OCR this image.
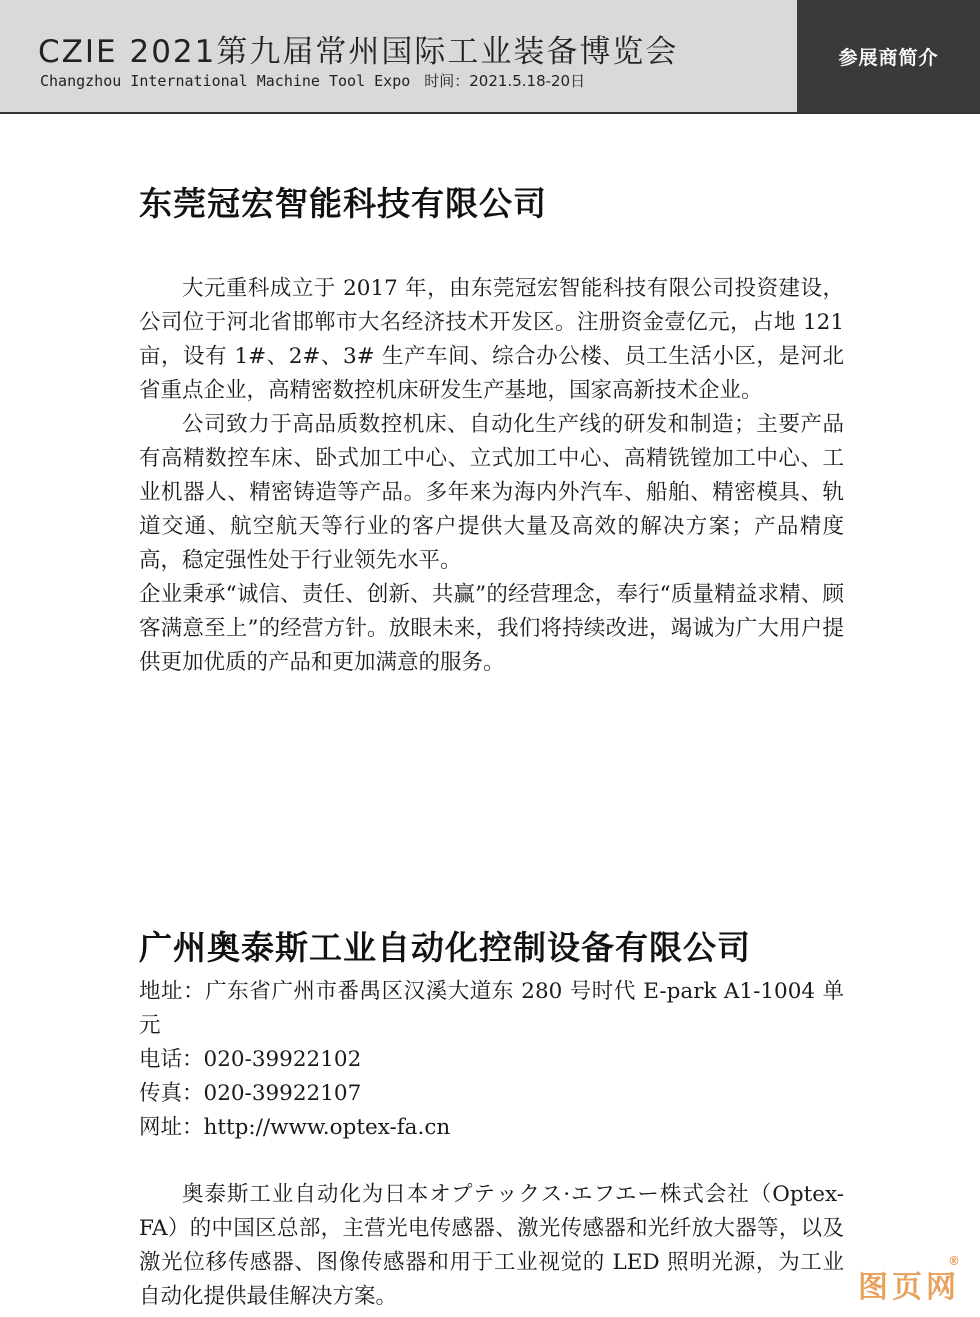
CZIE 2021第九届常州国际工业装备博览会
Changzhou International Machine Tool Expo 时间：2021.5.18-20日
参展商简介
东莞冠宏智能科技有限公司

大元重科成立于 2017 年，由东莞冠宏智能科技有限公司投资建设，公司位于河北省邯郸市大名经济技术开发区。注册资金壹亿元，占地 121 亩，设有 1#、2#、3# 生产车间、综合办公楼、员工生活小区，是河北省重点企业，高精密数控机床研发生产基地，国家高新技术企业。

公司致力于高品质数控机床、自动化生产线的研发和制造；主要产品有高精数控车床、卧式加工中心、立式加工中心、高精铣镗加工中心、工业机器人、精密铸造等产品。多年来为海内外汽车、船舶、精密模具、轨道交通、航空航天等行业的客户提供大量及高效的解决方案；产品精度高，稳定强性处于行业领先水平。

企业秉承“诚信、责任、创新、共赢”的经营理念，奉行“质量精益求精、顾客满意至上”的经营方针。放眼未来，我们将持续改进，竭诚为广大用户提供更加优质的产品和更加满意的服务。

广州奥泰斯工业自动化控制设备有限公司
地址：广东省广州市番禺区汉溪大道东 280 号时代 E-park A1-1004 单元
电话：020-39922102
传真：020-39922107
网址：http://www.optex-fa.cn

奥泰斯工业自动化为日本オプテックス·エフエー株式会社（Optex-FA）的中国区总部，主营光电传感器、激光传感器和光纤放大器等，以及激光位移传感器、图像传感器和用于工业视觉的 LED 照明光源，为工业自动化提供最佳解决方案。	图页网
®
